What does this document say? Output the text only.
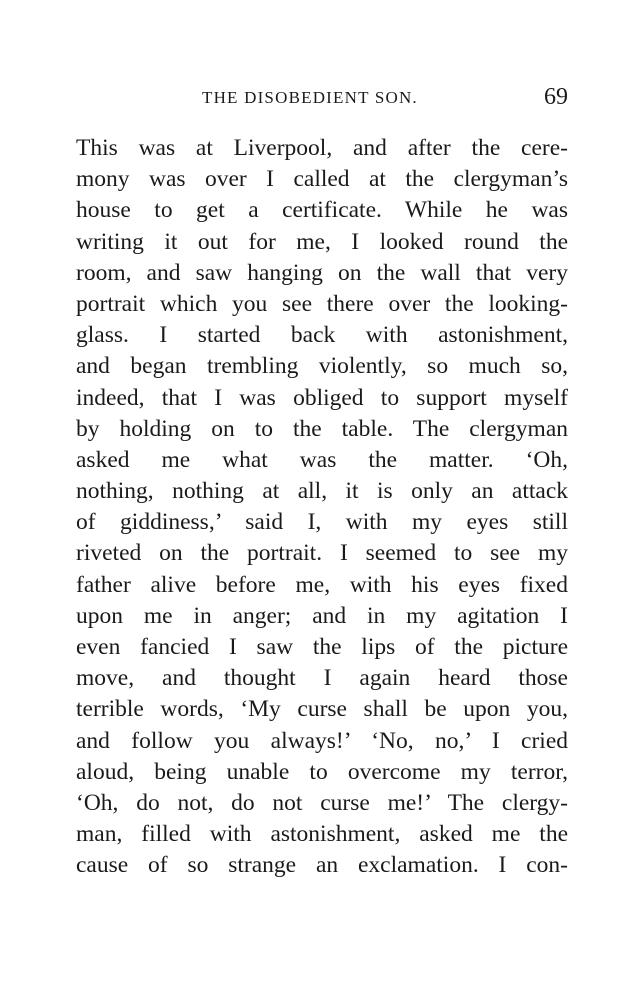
THE DISOBEDIENT SON.	69
This was at Liverpool, and after the cere-
mony was over I called at the clergyman’s
house to get a certificate. While he was
writing it out for me, I looked round the
room, and saw hanging on the wall that very
portrait which you see there over the looking-
glass. I started back with astonishment,
and began trembling violently, so much so,
indeed, that I was obliged to support myself
by holding on to the table. The clergyman
asked me what was the matter. ‘Oh,
nothing, nothing at all, it is only an attack
of giddiness,’ said I, with my eyes still
riveted on the portrait. I seemed to see my
father alive before me, with his eyes fixed
upon me in anger; and in my agitation I
even fancied I saw the lips of the picture
move, and thought I again heard those
terrible words, ‘My curse shall be upon you,
and follow you always!’ ‘No, no,’ I cried
aloud, being unable to overcome my terror,
‘Oh, do not, do not curse me!’ The clergy-
man, filled with astonishment, asked me the
cause of so strange an exclamation. I con-
